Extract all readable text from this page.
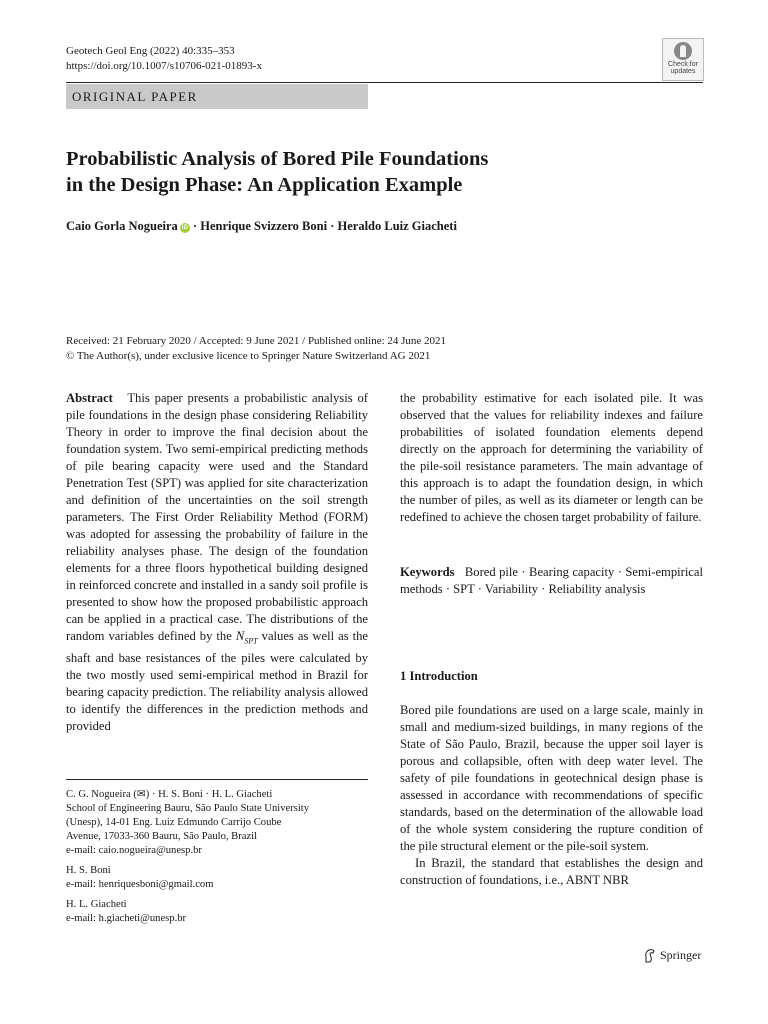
Geotech Geol Eng (2022) 40:335–353
https://doi.org/10.1007/s10706-021-01893-x	Check for
updates
ORIGINAL PAPER
Probabilistic Analysis of Bored Pile Foundations
in the Design Phase: An Application Example
Caio Gorla Nogueira iD · Henrique Svizzero Boni · Heraldo Luiz Giacheti
Received: 21 February 2020 / Accepted: 9 June 2021 / Published online: 24 June 2021
© The Author(s), under exclusive licence to Springer Nature Switzerland AG 2021
Abstract This paper presents a probabilistic analysis of pile foundations in the design phase considering Reliability Theory in order to improve the final decision about the foundation system. Two semi-empirical predicting methods of pile bearing capacity were used and the Standard Penetration Test (SPT) was applied for site characterization and definition of the uncertainties on the soil strength parameters. The First Order Reliability Method (FORM) was adopted for assessing the probability of failure in the reliability analyses phase. The design of the foundation elements for a three floors hypothetical building designed in reinforced concrete and installed in a sandy soil profile is presented to show how the proposed probabilistic approach can be applied in a practical case. The distributions of the random variables defined by the $N_{SPT}$ values as well as the shaft and base resistances of the piles were calculated by the two mostly used semi-empirical method in Brazil for bearing capacity prediction. The reliability analysis allowed to identify the differences in the prediction methods and provided
the probability estimative for each isolated pile. It was observed that the values for reliability indexes and failure probabilities of isolated foundation elements depend directly on the approach for determining the variability of the pile-soil resistance parameters. The main advantage of this approach is to adapt the foundation design, in which the number of piles, as well as its diameter or length can be redefined to achieve the chosen target probability of failure.
Keywords Bored pile · Bearing capacity · Semi-empirical methods · SPT · Variability · Reliability analysis
1 Introduction

Bored pile foundations are used on a large scale, mainly in small and medium-sized buildings, in many regions of the State of São Paulo, Brazil, because the upper soil layer is porous and collapsible, often with deep water level. The safety of pile foundations in geotechnical design phase is assessed in accordance with recommendations of specific standards, based on the determination of the allowable load of the whole system considering the rupture condition of the pile structural element or the pile-soil system.

In Brazil, the standard that establishes the design and construction of foundations, i.e., ABNT NBR

C. G. Nogueira (✉) · H. S. Boni · H. L. Giacheti
School of Engineering Bauru, São Paulo State University
(Unesp), 14-01 Eng. Luiz Edmundo Carrijo Coube
Avenue, 17033-360 Bauru, São Paulo, Brazil
e-mail: caio.nogueira@unesp.br
H. S. Boni
e-mail: henriquesboni@gmail.com
H. L. Giacheti
e-mail: h.giacheti@unesp.br
Springer
